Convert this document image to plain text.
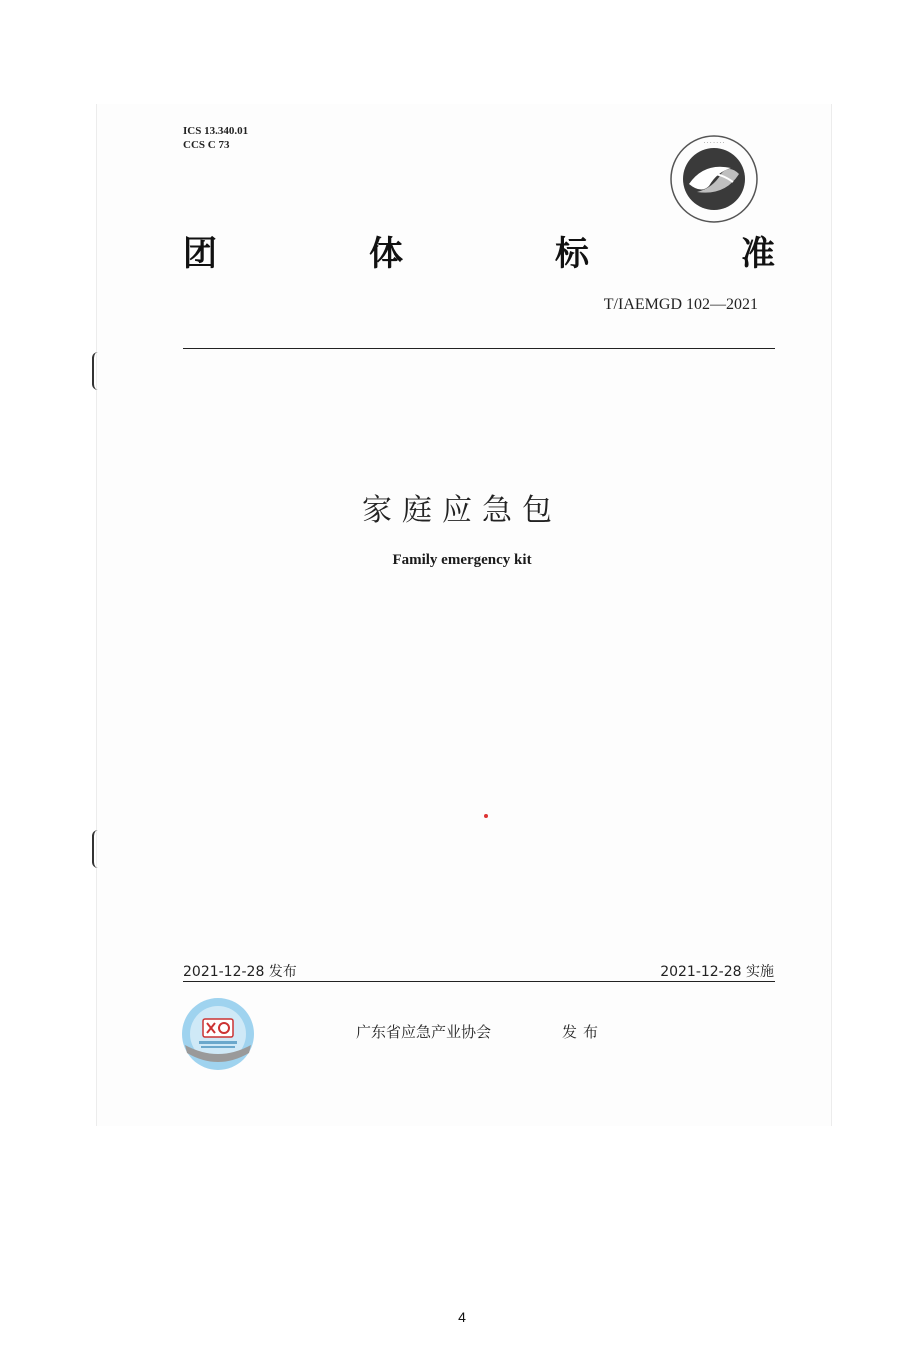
ICS 13.340.01
CCS C 73	· · · · · · ·
团	体	标	准
T/IAEMGD 102—2021
家庭应急包
Family emergency kit
2021-12-28 发布	2021-12-28 实施
广东省应急产业协会	发布
4
